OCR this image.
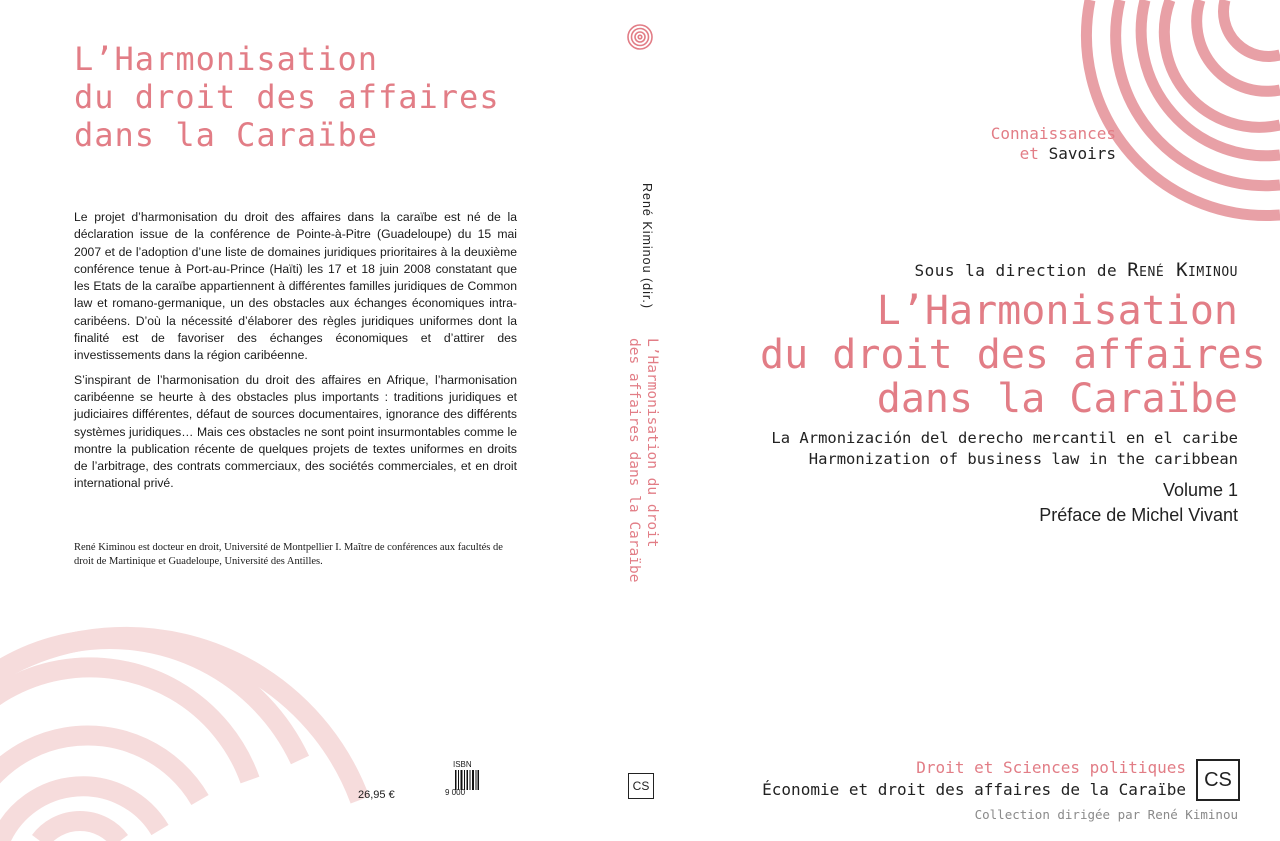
L’Harmonisation
du droit des affaires
dans la Caraïbe

Le projet d’harmonisation du droit des affaires dans la caraïbe est né de la déclaration issue de la conférence de Pointe-à-Pitre (Guadeloupe) du 15 mai 2007 et de l’adoption d’une liste de domaines juridiques prioritaires à la deuxième conférence tenue à Port-au-Prince (Haïti) les 17 et 18 juin 2008 constatant que les Etats de la caraïbe appartiennent à différentes familles juridiques de Common law et romano-germanique, un des obstacles aux échanges économiques intra-caribéens. D’où la nécessité d’élaborer des règles juridiques uniformes dont la finalité est de favoriser des échanges économiques et d’attirer des investissements dans la région caribéenne.

S’inspirant de l’harmonisation du droit des affaires en Afrique, l’harmonisation caribéenne se heurte à des obstacles plus importants : traditions juridiques et judiciaires différentes, défaut de sources documentaires, ignorance des différents systèmes juridiques… Mais ces obstacles ne sont point insurmontables comme le montre la publication récente de quelques projets de textes uniformes en droits de l’arbitrage, des contrats commerciaux, des sociétés commerciales, et en droit international privé.

René Kiminou est docteur en droit, Université de Montpellier I. Maître de conférences aux facultés de droit de Martinique et Guadeloupe, Université des Antilles.
26,95 €
ISBN
9 000
René Kiminou (dir.)
L’Harmonisation du droit
des affaires dans la Caraïbe
CS
Connaissances
et Savoirs
Sous la direction de René Kiminou
L’Harmonisation
du droit des affaires
dans la Caraïbe
La Armonización del derecho mercantil en el caribe
Harmonization of business law in the caribbean
Volume 1
Préface de Michel Vivant
Droit et Sciences politiques
Économie et droit des affaires de la Caraïbe CS
Collection dirigée par René Kiminou
